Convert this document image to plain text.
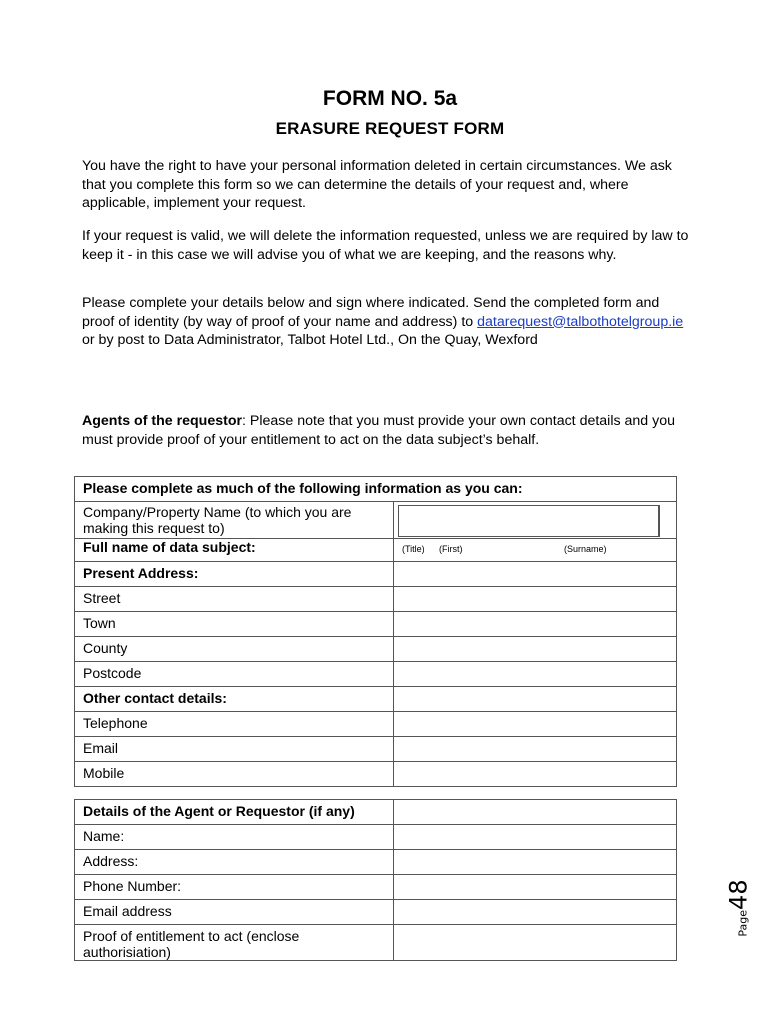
FORM NO. 5a
ERASURE REQUEST FORM
You have the right to have your personal information deleted in certain circumstances. We ask that you complete this form so we can determine the details of your request and, where applicable, implement your request.
If your request is valid, we will delete the information requested, unless we are required by law to keep it - in this case we will advise you of what we are keeping, and the reasons why.
Please complete your details below and sign where indicated. Send the completed form and proof of identity (by way of proof of your name and address) to datarequest@talbothotelgroup.ie or by post to Data Administrator, Talbot Hotel Ltd., On the Quay, Wexford
Agents of the requestor: Please note that you must provide your own contact details and you must provide proof of your entitlement to act on the data subject’s behalf.
Please complete as much of the following information as you can:	
Company/Property Name (to which you are making this request to)	

Full name of data subject:	(Title) (First) (Surname)

Present Address:	
Street	
Town	
County	
Postcode	
Other contact details:	
Telephone	
Email	
Mobile	
Details of the Agent or Requestor (if any)	
Name:	
Address:	
Phone Number:	
Email address	
Proof of entitlement to act (enclose authorisiation)	
Page48
